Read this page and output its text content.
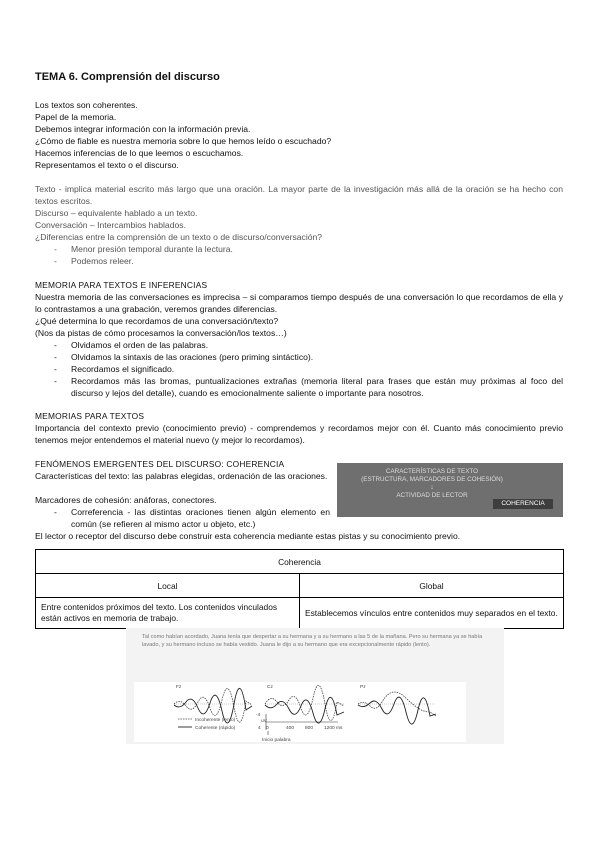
TEMA 6. Comprensión del discurso
Los textos son coherentes.
Papel de la memoria.
Debemos integrar información con la información previa.
¿Cómo de fiable es nuestra memoria sobre lo que hemos leído o escuchado?
Hacemos inferencias de lo que leemos o escuchamos.
Representamos el texto o el discurso.
Texto - implica material escrito más largo que una oración. La mayor parte de la investigación más allá de la oración se ha hecho con textos escritos.
Discurso – equivalente hablado a un texto.
Conversación – Intercambios hablados.
¿Diferencias entre la comprensión de un texto o de discurso/conversación?
- Menor presión temporal durante la lectura.
- Podemos releer.
MEMORIA PARA TEXTOS E INFERENCIAS
Nuestra memoria de las conversaciones es imprecisa – si comparamos tiempo después de una conversación lo que recordamos de ella y lo contrastamos a una grabación, veremos grandes diferencias.
¿Qué determina lo que recordamos de una conversación/texto?
(Nos da pistas de cómo procesamos la conversación/los textos…)
- Olvidamos el orden de las palabras.
- Olvidamos la sintaxis de las oraciones (pero priming sintáctico).
- Recordamos el significado.
- Recordamos más las bromas, puntualizaciones extrañas (memoria literal para frases que están muy próximas al foco del discurso y lejos del detalle), cuando es emocionalmente saliente o importante para nosotros.
MEMORIAS PARA TEXTOS
Importancia del contexto previo (conocimiento previo) - comprendemos y recordamos mejor con él. Cuanto más conocimiento previo tenemos mejor entendemos el material nuevo (y mejor lo recordamos).
FENÓMENOS EMERGENTES DEL DISCURSO: COHERENCIA
Características del texto: las palabras elegidas, ordenación de las oraciones.
Marcadores de cohesión: anáforas, conectores.
- Correferencia - las distintas oraciones tienen algún elemento en común (se refieren al mismo actor u objeto, etc.)
El lector o receptor del discurso debe construir esta coherencia mediante estas pistas y su conocimiento previo.
CARACTERÍSTICAS DE TEXTO
(ESTRUCTURA, MARCADORES DE COHESIÓN)
↓
ACTIVIDAD DE LECTOR
COHERENCIA
Coherencia	
Local	Global
Entre contenidos próximos del texto. Los contenidos vinculados están activos en memoria de trabajo.	Establecemos vínculos entre contenidos muy separados en el texto.
Tal como habían acordado, Juana tenía que despertar a su hermana y a su hermano a las 5 de la mañana. Pero su hermana ya se había lavado, y su hermano incluso se había vestido. Juana le dijo a su hermano que era excepcionalmente rápido (lento).
Fz	Cz	Pz
Incoherente (lento)
Coherente (rápido)
-4
uV
4 0	400 800 1200 ms
Inicio palabra
